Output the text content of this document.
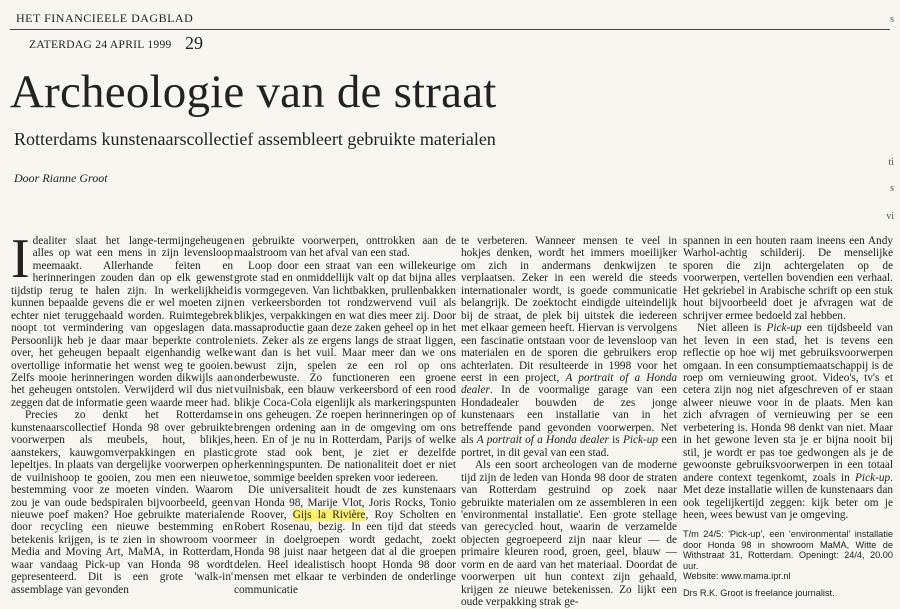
HET FINANCIEELE DAGBLAD
ZATERDAG 24 APRIL 1999 29
Archeologie van de straat
Rotterdams kunstenaarscollectief assembleert gebruikte materialen
Door Rianne Groot
s
ti
s
vi
I dealiter slaat het lange-termijngeheugen alles op wat een mens in zijn levensloop meemaakt. Allerhande feiten en herinneringen zouden dan op elk gewenst tijdstip terug te halen zijn. In werkelijkheid kunnen bepaalde gevens die er wel moeten zijn echter niet teruggehaald worden. Ruimtegebrek noopt tot vermindering van opgeslagen data. Persoonlijk heb je daar maar beperkte controle over, het geheugen bepaalt eigenhandig welke overtollige informatie het wenst weg te gooien. Zelfs mooie herinneringen worden dikwijls aan het geheugen ontstolen. Verwijderd wil dus niet zeggen dat de informatie geen waarde meer had.

Precies zo denkt het Rotterdamse kunstenaarscollectief Honda 98 over gebruikte voorwerpen als meubels, hout, blikjes, aanstekers, kauwgomverpakkingen en plastic lepeltjes. In plaats van dergelijke voorwerpen op de vuilnishoop te gooien, zou men een nieuwe bestemming voor ze moeten vinden. Waarom zou je van oude bedspiralen bijvoorbeeld, geen nieuwe poef maken? Hoe gebruikte materialen door recycling een nieuwe bestemming en betekenis krijgen, is te zien in showroom voor Media and Moving Art, MaMA, in Rotterdam, waar vandaag Pick-up van Honda 98 wordt gepresenteerd. Dit is een grote 'walk-in' assemblage van gevonden

en gebruikte voorwerpen, onttrokken aan de maalstroom van het afval van een stad.

Loop door een straat van een willekeurige grote stad en onmiddellijk valt op dat bijna alles is vormgegeven. Van lichtbakken, prullenbakken en verkeersborden tot rondzwervend vuil als blikjes, verpakkingen en wat dies meer zij. Door massaproductie gaan deze zaken geheel op in het niets. Zeker als ze ergens langs de straat liggen, want dan is het vuil. Maar meer dan we ons bewust zijn, spelen ze een rol op ons onderbewuste. Zo functioneren een groene vuilnisbak, een blauw verkeersbord of een rood blikje Coca-Cola eigenlijk als markeringspunten in ons geheugen. Ze roepen herinneringen op of brengen ordening aan in de omgeving om ons heen. En of je nu in Rotterdam, Parijs of welke grote stad ook bent, je ziet er dezelfde herkenningspunten. De nationaliteit doet er niet toe, sommige beelden spreken voor iedereen.

Die universaliteit houdt de zes kunstenaars van Honda 98, Marije Vlot, Joris Rocks, Tonio de Roover, Gijs la Rivière, Roy Scholten en Robert Rosenau, bezig. In een tijd dat steeds meer in doelgroepen wordt gedacht, zoekt Honda 98 juist naar hetgeen dat al die groepen delen. Heel idealistisch hoopt Honda 98 door mensen met elkaar te verbinden de onderlinge communicatie

te verbeteren. Wanneer mensen te veel in hokjes denken, wordt het immers moeilijker om zich in andermans denkwijzen te verplaatsen. Zeker in een wereld die steeds internationaler wordt, is goede communicatie belangrijk. De zoektocht eindigde uiteindelijk bij de straat, de plek bij uitstek die iedereen met elkaar gemeen heeft. Hiervan is vervolgens een fascinatie ontstaan voor de levensloop van materialen en de sporen die gebruikers erop achterlaten. Dit resulteerde in 1998 voor het eerst in een project, A portrait of a Honda dealer. In de voormalige garage van een Hondadealer bouwden de zes jonge kunstenaars een installatie van in het betreffende pand gevonden voorwerpen. Net als A portrait of a Honda dealer is Pick-up een portret, in dit geval van een stad.

Als een soort archeologen van de moderne tijd zijn de leden van Honda 98 door de straten van Rotterdam gestruind op zoek naar gebruikte materialen om ze assembleren in een 'environmental installatie'. Een grote stellage van gerecycled hout, waarin de verzamelde objecten gegroepeerd zijn naar kleur — de primaire kleuren rood, groen, geel, blauw — vorm en de aard van het materiaal. Doordat de voorwerpen uit hun context zijn gehaald, krijgen ze nieuwe betekenissen. Zo lijkt een oude verpakking strak ge-

spannen in een houten raam ineens een Andy Warhol-achtig schilderij. De menselijke sporen die zijn achtergelaten op de voorwerpen, vertellen bovendien een verhaal. Het gekriebel in Arabische schrift op een stuk hout bijvoorbeeld doet je afvragen wat de schrijver ermee bedoeld zal hebben.

Niet alleen is Pick-up een tijdsbeeld van het leven in een stad, het is tevens een reflectie op hoe wij met gebruiksvoorwerpen omgaan. In een consumptiemaatschappij is de roep om vernieuwing groot. Video's, tv's et cetera zijn nog niet afgeschreven of er staan alweer nieuwe voor in de plaats. Men kan zich afvragen of vernieuwing per se een verbetering is. Honda 98 denkt van niet. Maar in het gewone leven sta je er bijna nooit bij stil, je wordt er pas toe gedwongen als je de gewoonste gebruiksvoorwerpen in een totaal andere context tegenkomt, zoals in Pick-up. Met deze installatie willen de kunstenaars dan ook tegelijkertijd zeggen: kijk beter om je heen, wees bewust van je omgeving.

T/m 24/5: 'Pick-up', een 'environmental' installatie door Honda 98 in showroom MaMA, Witte de Withstraat 31, Rotterdam. Openingt: 24/4, 20.00 uur.

Website: www.mama.ipr.nl

Drs R.K. Groot is freelance journalist.
